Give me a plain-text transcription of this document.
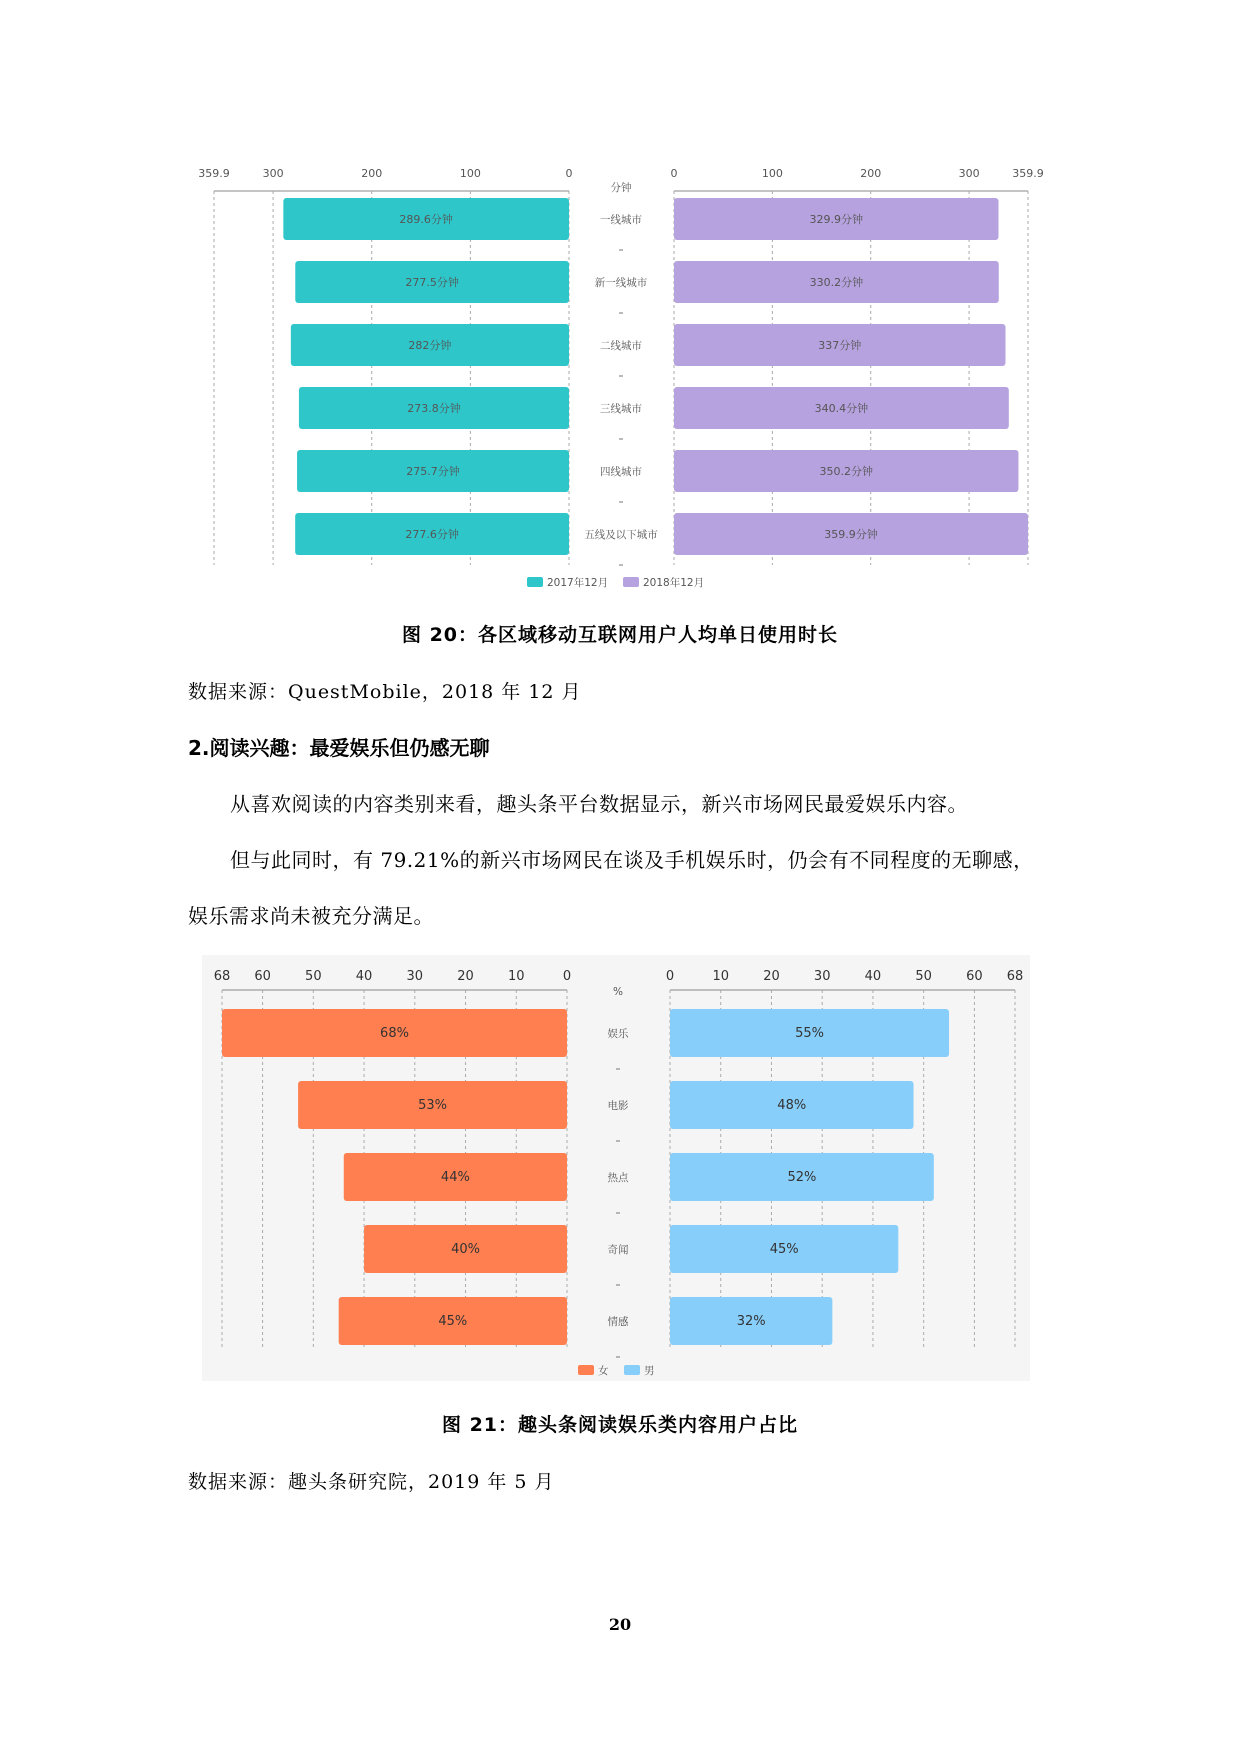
359.9	359.9
300	300
200	200
100	100
0	0
分钟
289.6分钟	329.9分钟
一线城市
277.5分钟	330.2分钟
新一线城市
282分钟	337分钟
二线城市
273.8分钟	340.4分钟
三线城市
275.7分钟	350.2分钟
四线城市
277.6分钟	359.9分钟
五线及以下城市
2017年12月	2018年12月
图 20：各区域移动互联网用户人均单日使用时长
数据来源：QuestMobile，2018 年 12 月
2.阅读兴趣：最爱娱乐但仍感无聊
从喜欢阅读的内容类别来看，趣头条平台数据显示，新兴市场网民最爱娱乐内容。
但与此同时，有 79.21%的新兴市场网民在谈及手机娱乐时，仍会有不同程度的无聊感，
娱乐需求尚未被充分满足。
68	68
60	60
50	50
40	40
30	30
20	20
10	10
0	0
%
68%	55%
娱乐
53%	48%
电影
44%	52%
热点
40%	45%
奇闻
45%	32%
情感
女	男
图 21：趣头条阅读娱乐类内容用户占比
数据来源：趣头条研究院，2019 年 5 月
20
